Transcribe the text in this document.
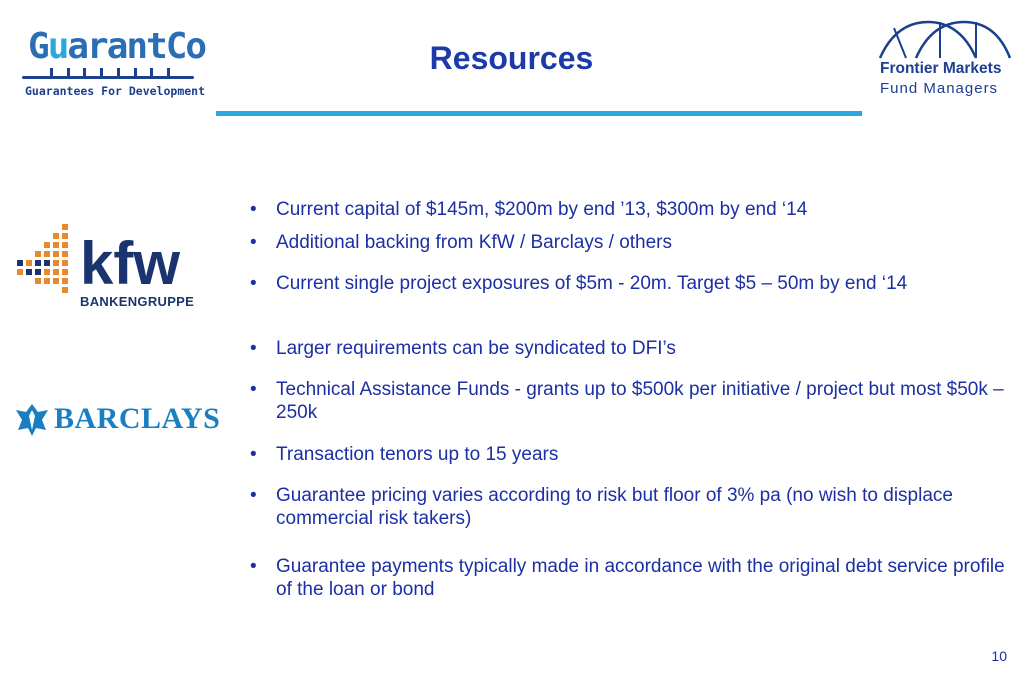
GuarantCo
Guarantees For Development
Resources	Frontier Markets
Fund Managers
kfw
BANKENGRUPPE
BARCLAYS
• Current capital of $145m, $200m by end ’13, $300m by end ‘14
• Additional backing from KfW / Barclays / others
• Current single project exposures of $5m - 20m. Target $5 – 50m by end ‘14
• Larger requirements can be syndicated to DFI’s
• Technical Assistance Funds - grants up to $500k per initiative / project but most $50k – 250k
• Transaction tenors up to 15 years
• Guarantee pricing varies according to risk but floor of 3% pa (no wish to displace commercial risk takers)
• Guarantee payments typically made in accordance with the original debt service profile of the loan or bond
10
